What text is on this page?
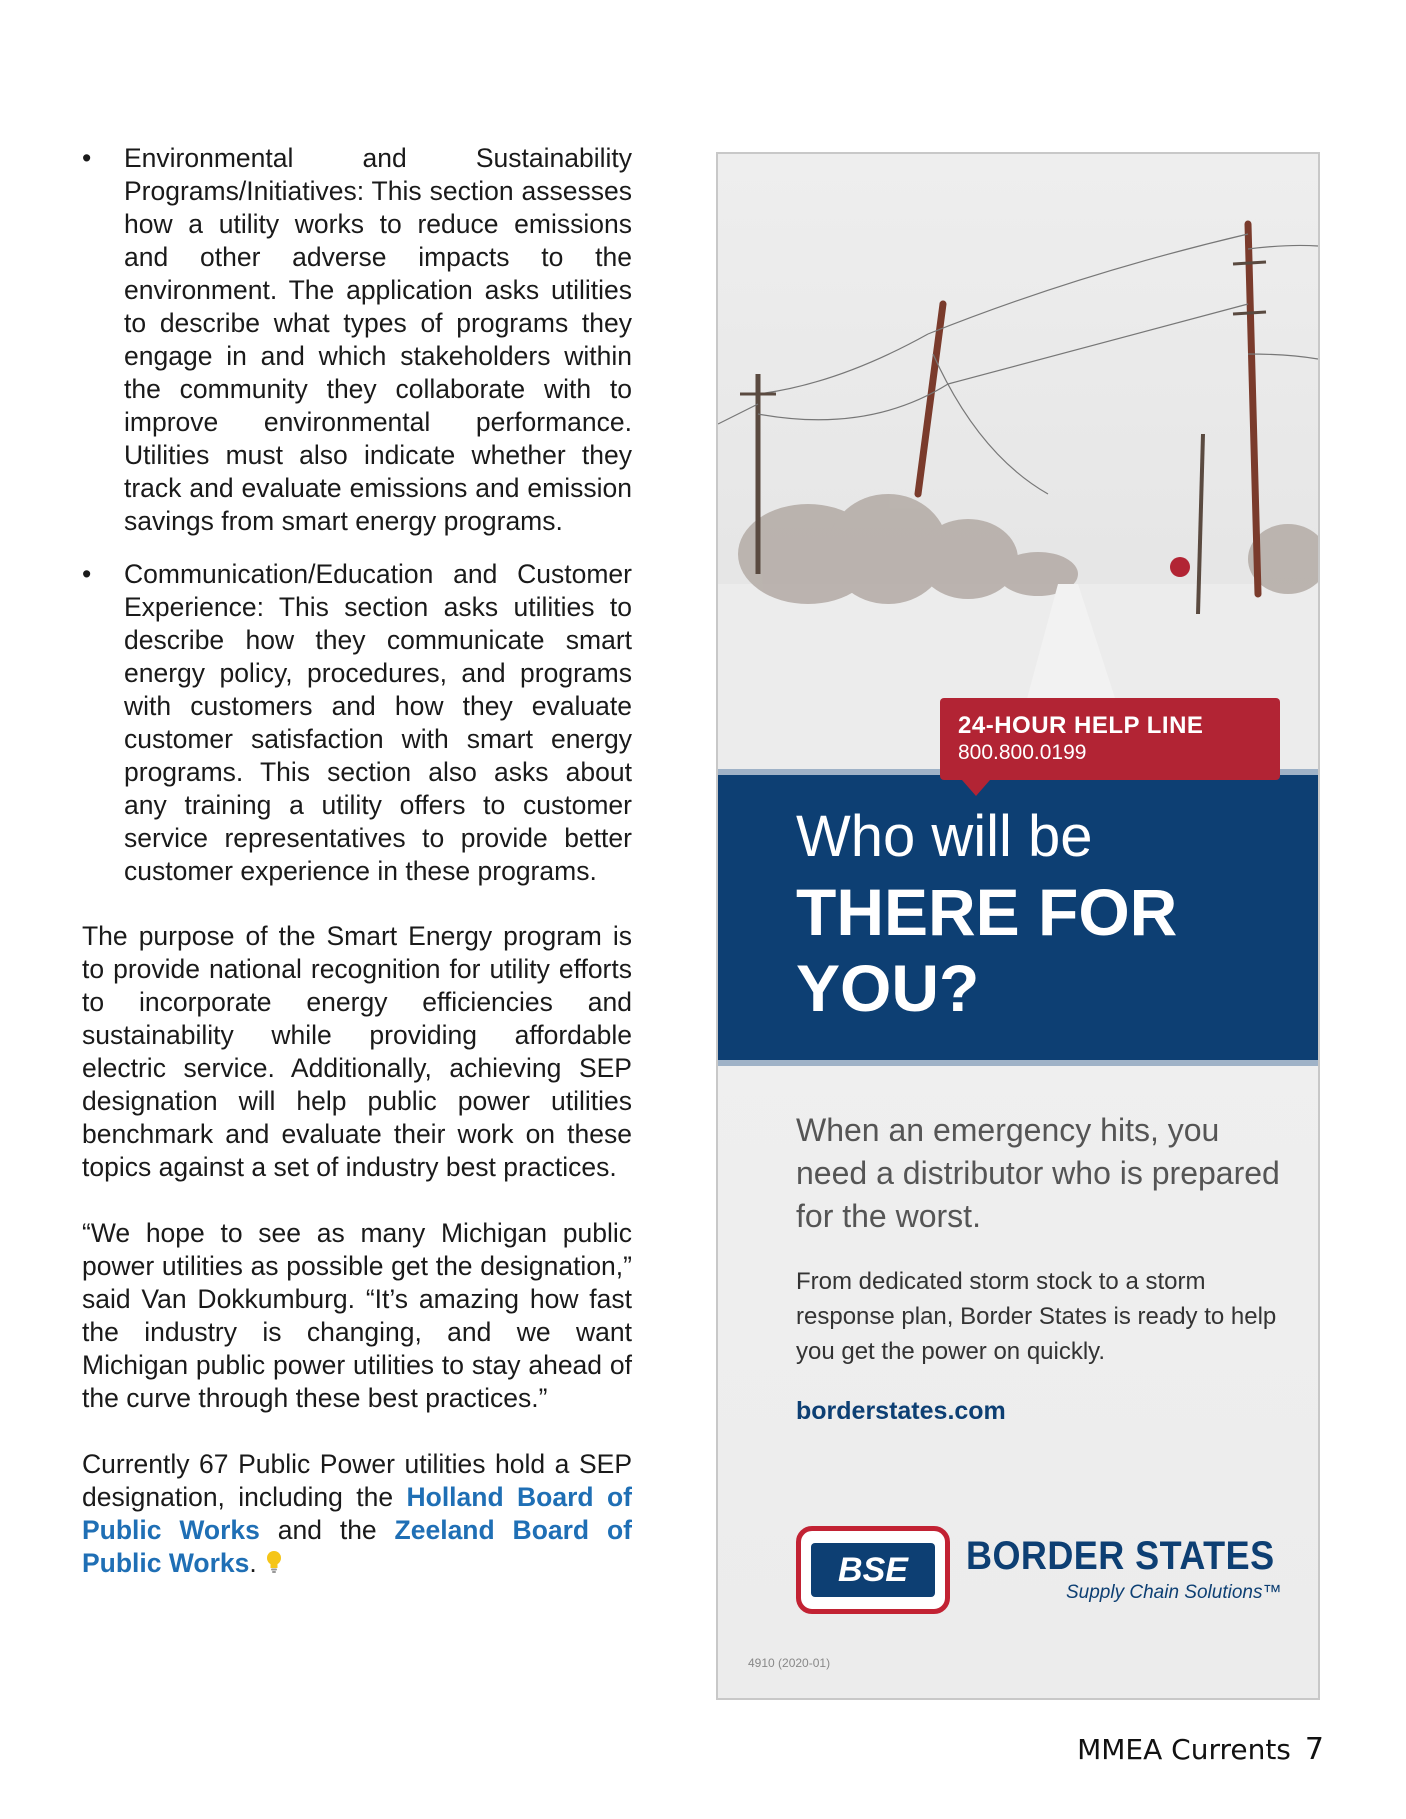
• Environmental and Sustainability Programs/Initiatives: This section assesses how a utility works to reduce emissions and other adverse impacts to the environment. The application asks utilities to describe what types of programs they engage in and which stakeholders within the community they collaborate with to improve environmental performance. Utilities must also indicate whether they track and evaluate emissions and emission savings from smart energy programs.
• Communication/Education and Customer Experience: This section asks utilities to describe how they communicate smart energy policy, procedures, and programs with customers and how they evaluate customer satisfaction with smart energy programs. This section also asks about any training a utility offers to customer service representatives to provide better customer experience in these programs.

The purpose of the Smart Energy program is to provide national recognition for utility efforts to incorporate energy efficiencies and sustainability while providing affordable electric service. Additionally, achieving SEP designation will help public power utilities benchmark and evaluate their work on these topics against a set of industry best practices.

“We hope to see as many Michigan public power utilities as possible get the designation,” said Van Dokkumburg. “It’s amazing how fast the industry is changing, and we want Michigan public power utilities to stay ahead of the curve through these best practices.”

Currently 67 Public Power utilities hold a SEP designation, including the Holland Board of Public Works and the Zeeland Board of Public Works.

24-HOUR HELP LINE
800.800.0199
Who will be
THERE FOR YOU?
When an emergency hits, you need a distributor who is prepared for the worst.
From dedicated storm stock to a storm response plan, Border States is ready to help you get the power on quickly.
borderstates.com
BSE	BORDER STATES
Supply Chain Solutions™
4910 (2020-01)
MMEA Currents 7
